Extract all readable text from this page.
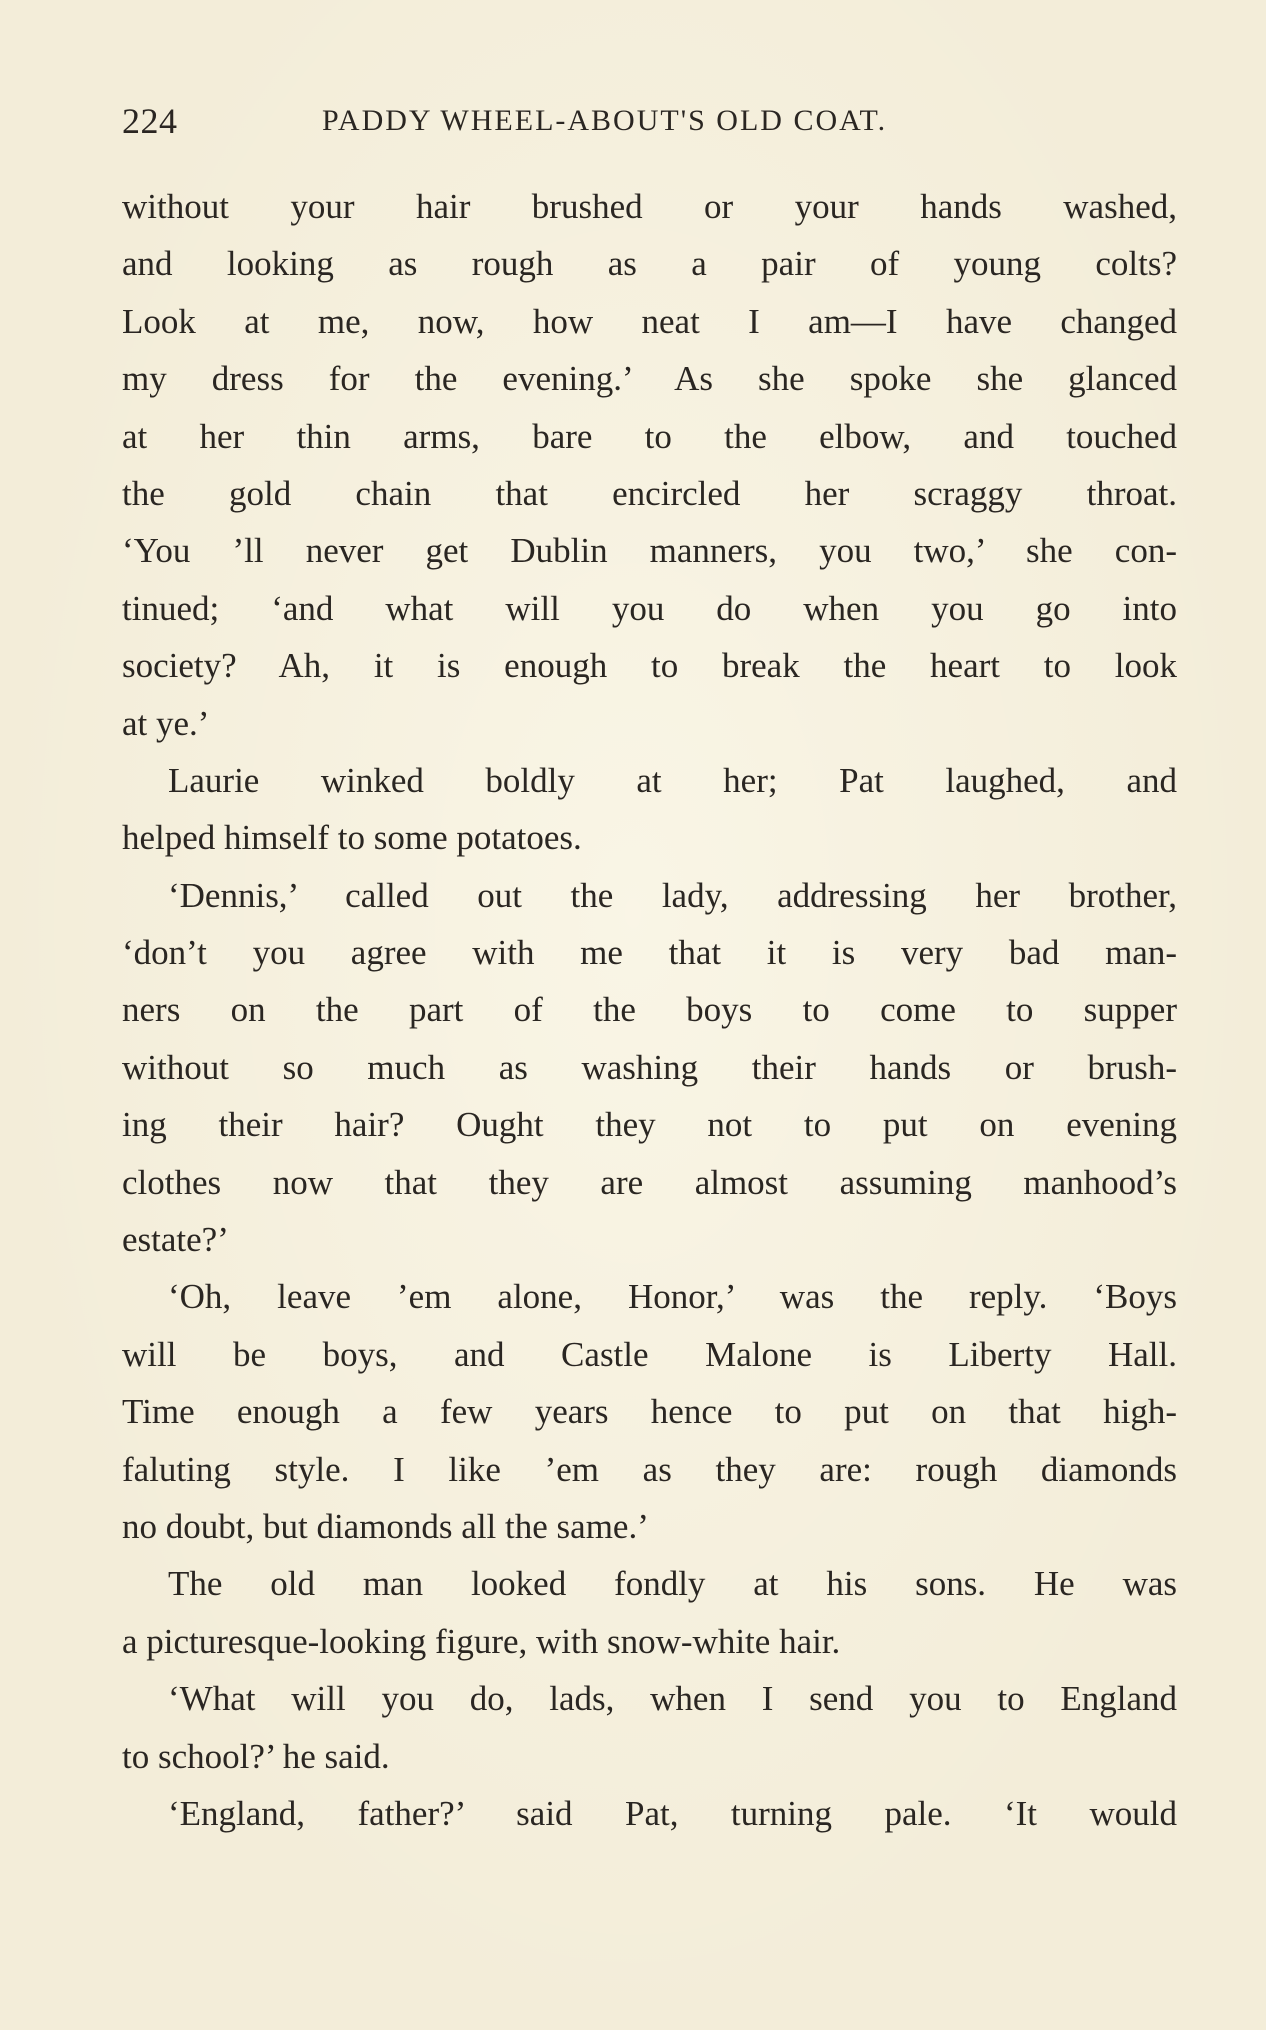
224	PADDY WHEEL-ABOUT'S OLD COAT.
without your hair brushed or your hands washed,
and looking as rough as a pair of young colts?
Look at me, now, how neat I am—I have changed
my dress for the evening.’ As she spoke she glanced
at her thin arms, bare to the elbow, and touched
the gold chain that encircled her scraggy throat.
‘You ’ll never get Dublin manners, you two,’ she con-
tinued; ‘and what will you do when you go into
society? Ah, it is enough to break the heart to look
at ye.’
Laurie winked boldly at her; Pat laughed, and
helped himself to some potatoes.
‘Dennis,’ called out the lady, addressing her brother,
‘don’t you agree with me that it is very bad man-
ners on the part of the boys to come to supper
without so much as washing their hands or brush-
ing their hair? Ought they not to put on evening
clothes now that they are almost assuming manhood’s
estate?’
‘Oh, leave ’em alone, Honor,’ was the reply. ‘Boys
will be boys, and Castle Malone is Liberty Hall.
Time enough a few years hence to put on that high-
faluting style. I like ’em as they are: rough diamonds
no doubt, but diamonds all the same.’
The old man looked fondly at his sons. He was
a picturesque-looking figure, with snow-white hair.
‘What will you do, lads, when I send you to England
to school?’ he said.
‘England, father?’ said Pat, turning pale. ‘It would
